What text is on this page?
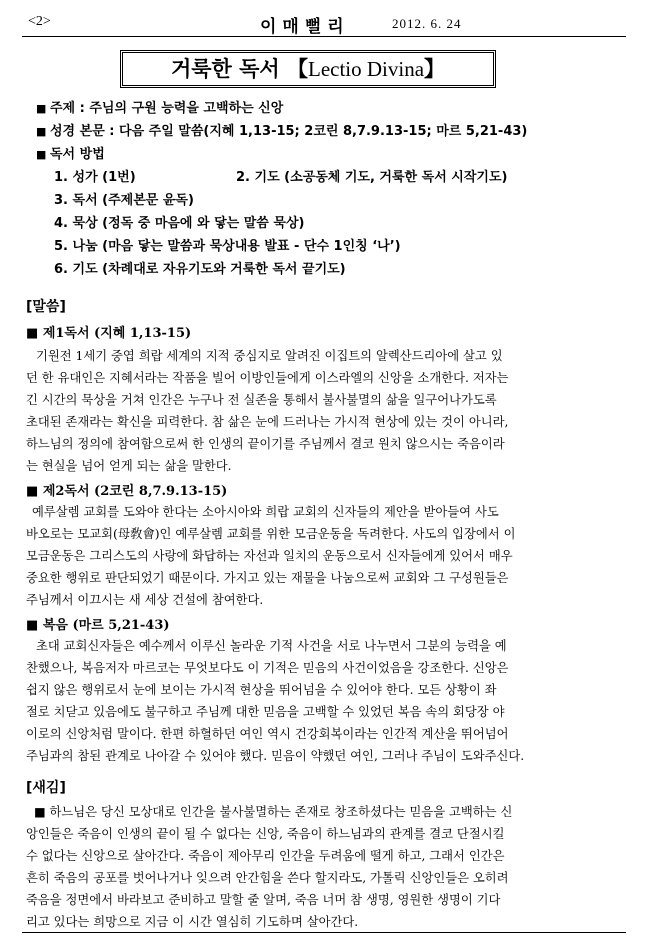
<2>	이매뻘리	2012. 6. 24
거룩한 독서 【Lectio Divina】
■ 주제 : 주님의 구원 능력을 고백하는 신앙
■ 성경 본문 : 다음 주일 말씀(지혜 1,13-15; 2코린 8,7.9.13-15; 마르 5,21-43)
■ 독서 방법
1. 성가 (1번)	2. 기도 (소공동체 기도, 거룩한 독서 시작기도)
3. 독서 (주제본문 윤독)
4. 묵상 (정독 중 마음에 와 닿는 말씀 묵상)
5. 나눔 (마음 닿는 말씀과 묵상내용 발표 - 단수 1인칭 ‘나’)
6. 기도 (차례대로 자유기도와 거룩한 독서 끝기도)
[말씀]
■ 제1독서 (지혜 1,13-15)
기원전 1세기 중엽 희랍 세계의 지적 중심지로 알려진 이집트의 알렉산드리아에 살고 있
던 한 유대인은 지혜서라는 작품을 빌어 이방인들에게 이스라엘의 신앙을 소개한다. 저자는
긴 시간의 묵상을 거쳐 인간은 누구나 전 실존을 통해서 불사불멸의 삶을 일구어나가도록
초대된 존재라는 확신을 피력한다. 참 삶은 눈에 드러나는 가시적 현상에 있는 것이 아니라,
하느님의 정의에 참여함으로써 한 인생의 끝이기를 주님께서 결코 원치 않으시는 죽음이라
는 현실을 넘어 얻게 되는 삶을 말한다.
■ 제2독서 (2코린 8,7.9.13-15)
예루살렘 교회를 도와야 한다는 소아시아와 희랍 교회의 신자들의 제안을 받아들여 사도
바오로는 모교회(母敎會)인 예루살렘 교회를 위한 모금운동을 독려한다. 사도의 입장에서 이
모금운동은 그리스도의 사랑에 화답하는 자선과 일치의 운동으로서 신자들에게 있어서 매우
중요한 행위로 판단되었기 때문이다. 가지고 있는 재물을 나눔으로써 교회와 그 구성원들은
주님께서 이끄시는 새 세상 건설에 참여한다.
■ 복음 (마르 5,21-43)
초대 교회신자들은 예수께서 이루신 놀라운 기적 사건을 서로 나누면서 그분의 능력을 예
찬했으나, 복음저자 마르코는 무엇보다도 이 기적은 믿음의 사건이었음을 강조한다. 신앙은
쉽지 않은 행위로서 눈에 보이는 가시적 현상을 뛰어넘을 수 있어야 한다. 모든 상황이 좌
절로 치닫고 있음에도 불구하고 주님께 대한 믿음을 고백할 수 있었던 복음 속의 회당장 야
이로의 신앙처럼 말이다. 한편 하혈하던 여인 역시 건강회복이라는 인간적 계산을 뛰어넘어
주님과의 참된 관계로 나아갈 수 있어야 했다. 믿음이 약했던 여인, 그러나 주님이 도와주신다.
[새김]
■ 하느님은 당신 모상대로 인간을 불사불멸하는 존재로 창조하셨다는 믿음을 고백하는 신
앙인들은 죽음이 인생의 끝이 될 수 없다는 신앙, 죽음이 하느님과의 관계를 결코 단절시킬
수 없다는 신앙으로 살아간다. 죽음이 제아무리 인간을 두려움에 떨게 하고, 그래서 인간은
흔히 죽음의 공포를 벗어나거나 잊으려 안간힘을 쓴다 할지라도, 가톨릭 신앙인들은 오히려
죽음을 정면에서 바라보고 준비하고 말할 줄 알며, 죽음 너머 참 생명, 영원한 생명이 기다
리고 있다는 희망으로 지금 이 시간 열심히 기도하며 살아간다.
